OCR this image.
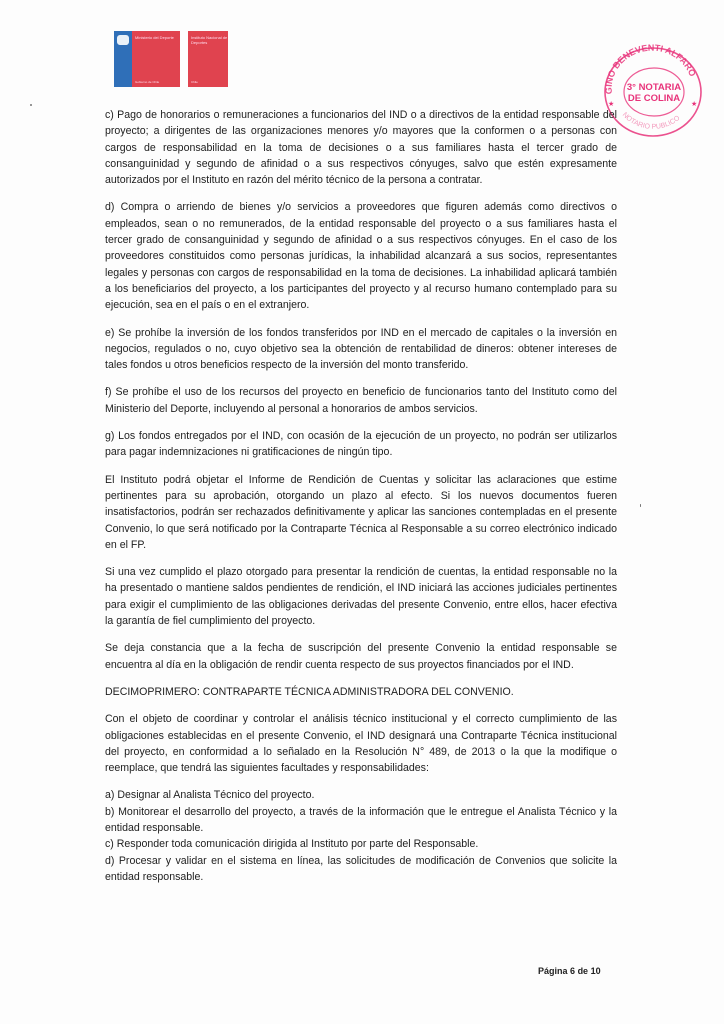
Ministerio del Deporte
Gobierno de Chile
Instituto Nacional de Deportes
Chile
GINO BENEVENTI ALFARO
3° NOTARIA
DE COLINA
NOTARIO PUBLICO
★	★

c) Pago de honorarios o remuneraciones a funcionarios del IND o a directivos de la entidad responsable del proyecto; a dirigentes de las organizaciones menores y/o mayores que la conformen o a personas con cargos de responsabilidad en la toma de decisiones o a sus familiares hasta el tercer grado de consanguinidad y segundo de afinidad o a sus respectivos cónyuges, salvo que estén expresamente autorizados por el Instituto en razón del mérito técnico de la persona a contratar.

d) Compra o arriendo de bienes y/o servicios a proveedores que figuren además como directivos o empleados, sean o no remunerados, de la entidad responsable del proyecto o a sus familiares hasta el tercer grado de consanguinidad y segundo de afinidad o a sus respectivos cónyuges. En el caso de los proveedores constituidos como personas jurídicas, la inhabilidad alcanzará a sus socios, representantes legales y personas con cargos de responsabilidad en la toma de decisiones. La inhabilidad aplicará también a los beneficiarios del proyecto, a los participantes del proyecto y al recurso humano contemplado para su ejecución, sea en el país o en el extranjero.

e) Se prohíbe la inversión de los fondos transferidos por IND en el mercado de capitales o la inversión en negocios, regulados o no, cuyo objetivo sea la obtención de rentabilidad de dineros: obtener intereses de tales fondos u otros beneficios respecto de la inversión del monto transferido.

f) Se prohíbe el uso de los recursos del proyecto en beneficio de funcionarios tanto del Instituto como del Ministerio del Deporte, incluyendo al personal a honorarios de ambos servicios.

g) Los fondos entregados por el IND, con ocasión de la ejecución de un proyecto, no podrán ser utilizarlos para pagar indemnizaciones ni gratificaciones de ningún tipo.

El Instituto podrá objetar el Informe de Rendición de Cuentas y solicitar las aclaraciones que estime pertinentes para su aprobación, otorgando un plazo al efecto. Si los nuevos documentos fueren insatisfactorios, podrán ser rechazados definitivamente y aplicar las sanciones contempladas en el presente Convenio, lo que será notificado por la Contraparte Técnica al Responsable a su correo electrónico indicado en el FP.

Si una vez cumplido el plazo otorgado para presentar la rendición de cuentas, la entidad responsable no la ha presentado o mantiene saldos pendientes de rendición, el IND iniciará las acciones judiciales pertinentes para exigir el cumplimiento de las obligaciones derivadas del presente Convenio, entre ellos, hacer efectiva la garantía de fiel cumplimiento del proyecto.

Se deja constancia que a la fecha de suscripción del presente Convenio la entidad responsable se encuentra al día en la obligación de rendir cuenta respecto de sus proyectos financiados por el IND.

DECIMOPRIMERO: CONTRAPARTE TÉCNICA ADMINISTRADORA DEL CONVENIO.

Con el objeto de coordinar y controlar el análisis técnico institucional y el correcto cumplimiento de las obligaciones establecidas en el presente Convenio, el IND designará una Contraparte Técnica institucional del proyecto, en conformidad a lo señalado en la Resolución N° 489, de 2013 o la que la modifique o reemplace, que tendrá las siguientes facultades y responsabilidades:

a) Designar al Analista Técnico del proyecto.

b) Monitorear el desarrollo del proyecto, a través de la información que le entregue el Analista Técnico y la entidad responsable.

c) Responder toda comunicación dirigida al Instituto por parte del Responsable.

d) Procesar y validar en el sistema en línea, las solicitudes de modificación de Convenios que solicite la entidad responsable.

Página 6 de 10
